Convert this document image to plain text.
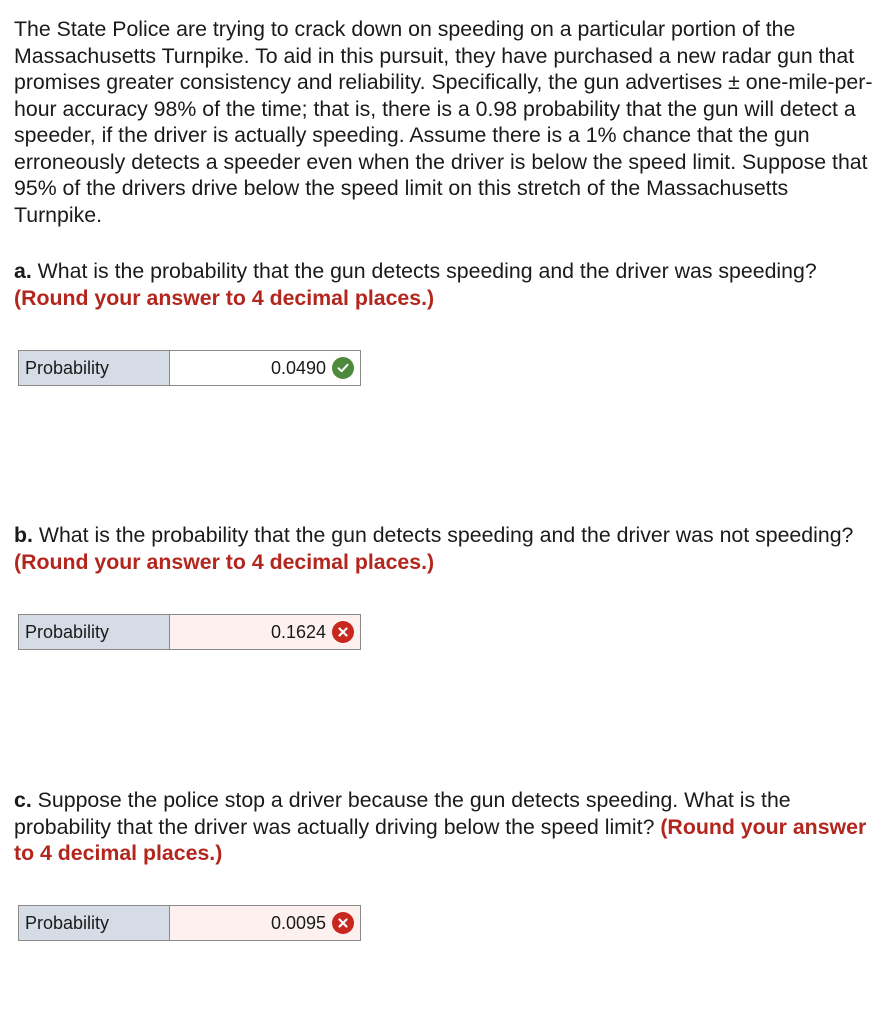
The State Police are trying to crack down on speeding on a particular portion of the Massachusetts Turnpike. To aid in this pursuit, they have purchased a new radar gun that promises greater consistency and reliability. Specifically, the gun advertises ± one-mile-per-hour accuracy 98% of the time; that is, there is a 0.98 probability that the gun will detect a speeder, if the driver is actually speeding. Assume there is a 1% chance that the gun erroneously detects a speeder even when the driver is below the speed limit. Suppose that 95% of the drivers drive below the speed limit on this stretch of the Massachusetts Turnpike.
a. What is the probability that the gun detects speeding and the driver was speeding? (Round your answer to 4 decimal places.)
Probability	0.0490
b. What is the probability that the gun detects speeding and the driver was not speeding? (Round your answer to 4 decimal places.)
Probability	0.1624
c. Suppose the police stop a driver because the gun detects speeding. What is the probability that the driver was actually driving below the speed limit? (Round your answer to 4 decimal places.)
Probability	0.0095
